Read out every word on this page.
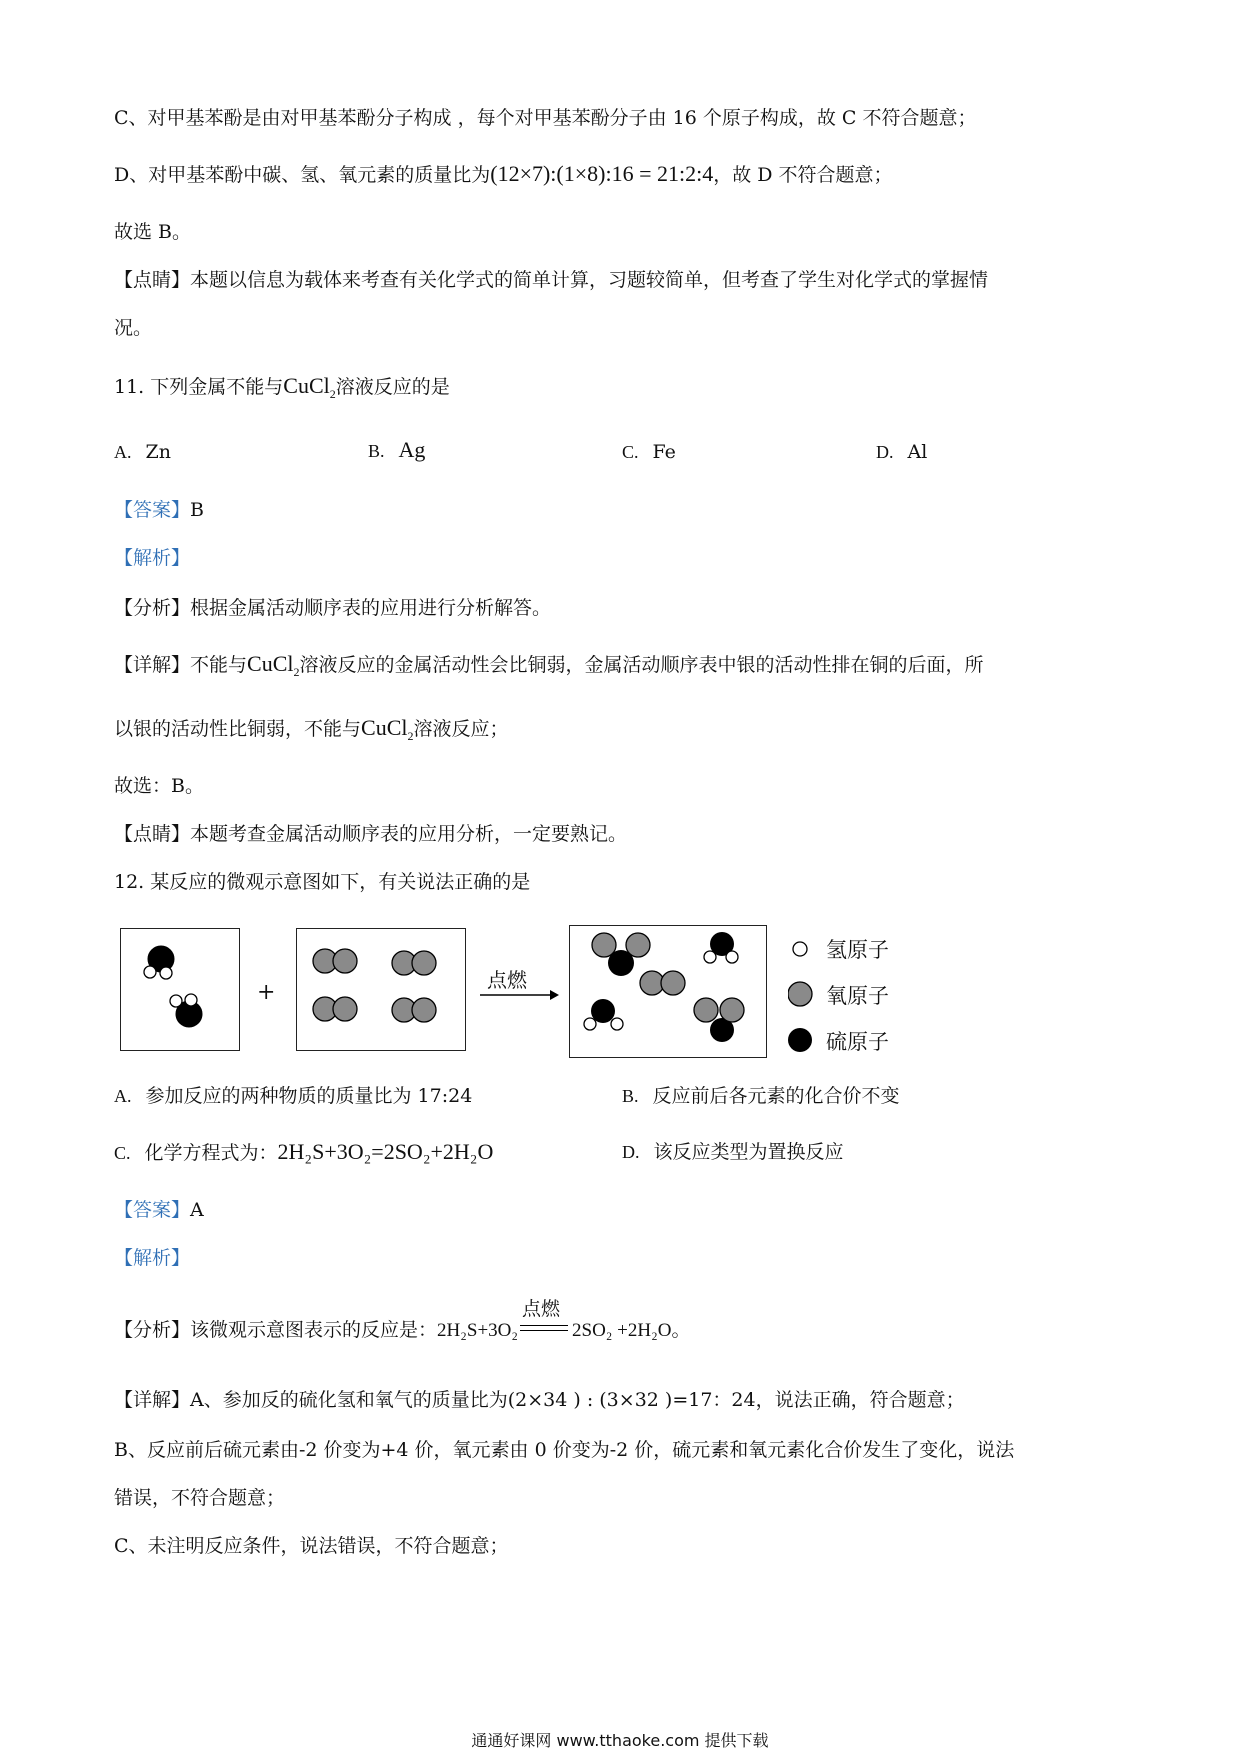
C、对甲基苯酚是由对甲基苯酚分子构成 ，每个对甲基苯酚分子由 16 个原子构成，故 C 不符合题意；
D、对甲基苯酚中碳、氢、氧元素的质量比为(12×7):(1×8):16 = 21:2:4，故 D 不符合题意；
故选 B。
【点睛】本题以信息为载体来考查有关化学式的简单计算，习题较简单，但考查了学生对化学式的掌握情
况。
11. 下列金属不能与CuCl$_2$溶液反应的是
A. Zn	B. Ag	C. Fe	D. Al
【答案】B
【解析】
【分析】根据金属活动顺序表的应用进行分析解答。
【详解】不能与CuCl$_2$溶液反应的金属活动性会比铜弱，金属活动顺序表中银的活动性排在铜的后面，所
以银的活动性比铜弱，不能与CuCl$_2$溶液反应；
故选：B。
【点睛】本题考查金属活动顺序表的应用分析，一定要熟记。
12. 某反应的微观示意图如下，有关说法正确的是
+	点燃
氢原子
氧原子
硫原子
A. 参加反应的两种物质的质量比为 17:24	B. 反应前后各元素的化合价不变
C. 化学方程式为：2H₂S+3O₂=2SO₂+2H₂O	D. 该反应类型为置换反应
【答案】A
【解析】
【分析】该微观示意图表示的反应是：2H₂S+3O₂
点燃
2SO₂ +2H₂O。
【详解】A、参加反的硫化氢和氧气的质量比为(2×34 ) : (3×32 )=17：24，说法正确，符合题意；
B、反应前后硫元素由-2 价变为+4 价，氧元素由 0 价变为-2 价，硫元素和氧元素化合价发生了变化，说法
错误，不符合题意；
C、未注明反应条件，说法错误，不符合题意；
通通好课网 www.tthaoke.com 提供下载
